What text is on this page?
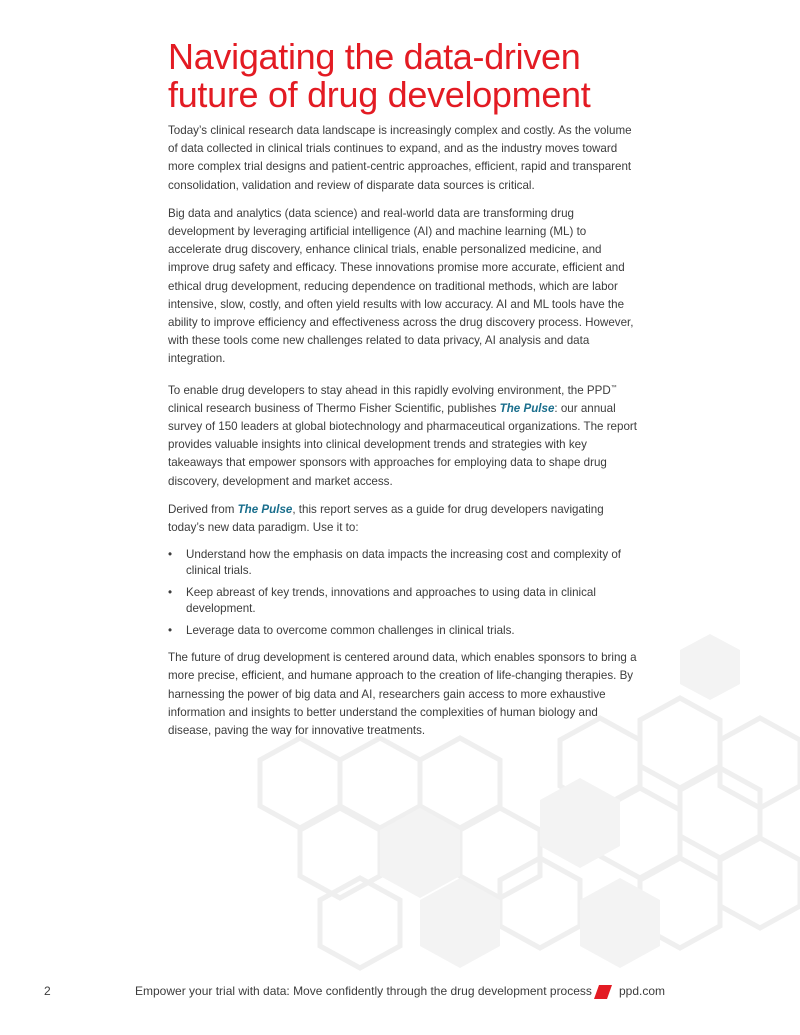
Navigating the data-driven future of drug development

Today’s clinical research data landscape is increasingly complex and costly. As the volume of data collected in clinical trials continues to expand, and as the industry moves toward more complex trial designs and patient-centric approaches, efficient, rapid and transparent consolidation, validation and review of disparate data sources is critical.

Big data and analytics (data science) and real-world data are transforming drug development by leveraging artificial intelligence (AI) and machine learning (ML) to accelerate drug discovery, enhance clinical trials, enable personalized medicine, and improve drug safety and efficacy. These innovations promise more accurate, efficient and ethical drug development, reducing dependence on traditional methods, which are labor intensive, slow, costly, and often yield results with low accuracy. AI and ML tools have the ability to improve efficiency and effectiveness across the drug discovery process. However, with these tools come new challenges related to data privacy, AI analysis and data integration.

To enable drug developers to stay ahead in this rapidly evolving environment, the PPD™ clinical research business of Thermo Fisher Scientific, publishes The Pulse: our annual survey of 150 leaders at global biotechnology and pharmaceutical organizations. The report provides valuable insights into clinical development trends and strategies with key takeaways that empower sponsors with approaches for employing data to shape drug discovery, development and market access.

Derived from The Pulse, this report serves as a guide for drug developers navigating today’s new data paradigm. Use it to:

• Understand how the emphasis on data impacts the increasing cost and complexity of clinical trials.
• Keep abreast of key trends, innovations and approaches to using data in clinical development.
• Leverage data to overcome common challenges in clinical trials.

The future of drug development is centered around data, which enables sponsors to bring a more precise, efficient, and humane approach to the creation of life-changing therapies. By harnessing the power of big data and AI, researchers gain access to more exhaustive information and insights to better understand the complexities of human biology and disease, paving the way for innovative treatments.

2	Empower your trial with data: Move confidently through the drug development process ppd.com
